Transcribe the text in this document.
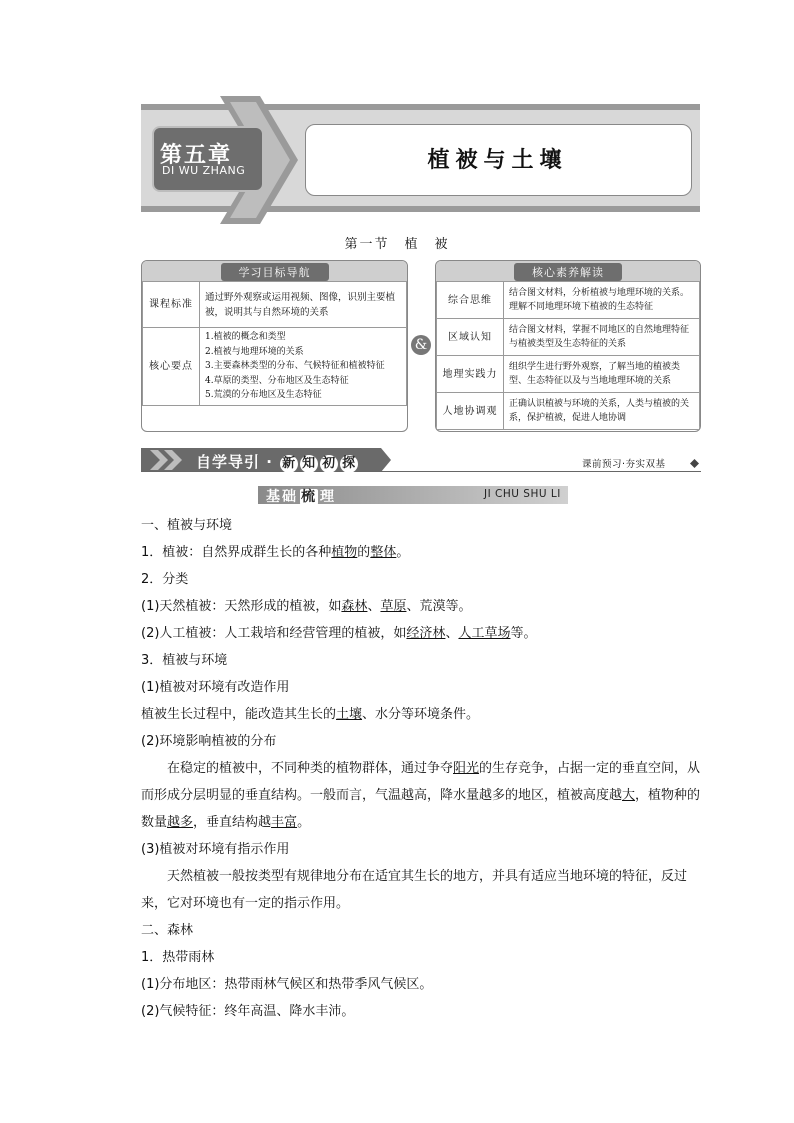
第五章
DI WU ZHANG	植被与土壤
第一节　植　被
学习目标导航
课程标准	通过野外观察或运用视频、图像，识别主要植被，说明其与自然环境的关系
核心要点	1.植被的概念和类型
2.植被与地理环境的关系
3.主要森林类型的分布、气候特征和植被特征
4.草原的类型、分布地区及生态特征
5.荒漠的分布地区及生态特征
&
核心素养解读
综合思维	结合图文材料，分析植被与地理环境的关系。理解不同地理环境下植被的生态特征
区域认知	结合图文材料，掌握不同地区的自然地理特征与植被类型及生态特征的关系
地理实践力	组织学生进行野外观察，了解当地的植被类型、生态特征以及与当地地理环境的关系
人地协调观	正确认识植被与环境的关系，人类与植被的关系，保护植被，促进人地协调
自学导引 · 新 知 初 探	课前预习·夯实双基
基础 梳 理	JI CHU SHU LI

一、植被与环境

1．植被：自然界成群生长的各种植物的整体。

2．分类

(1)天然植被：天然形成的植被，如森林、草原、荒漠等。

(2)人工植被：人工栽培和经营管理的植被，如经济林、人工草场等。

3．植被与环境

(1)植被对环境有改造作用

植被生长过程中，能改造其生长的土壤、水分等环境条件。

(2)环境影响植被的分布

在稳定的植被中，不同种类的植物群体，通过争夺阳光的生存竞争，占据一定的垂直空间，从而形成分层明显的垂直结构。一般而言，气温越高，降水量越多的地区，植被高度越大，植物种的数量越多，垂直结构越丰富。

(3)植被对环境有指示作用

天然植被一般按类型有规律地分布在适宜其生长的地方，并具有适应当地环境的特征，反过来，它对环境也有一定的指示作用。

二、森林

1．热带雨林

(1)分布地区：热带雨林气候区和热带季风气候区。

(2)气候特征：终年高温、降水丰沛。
